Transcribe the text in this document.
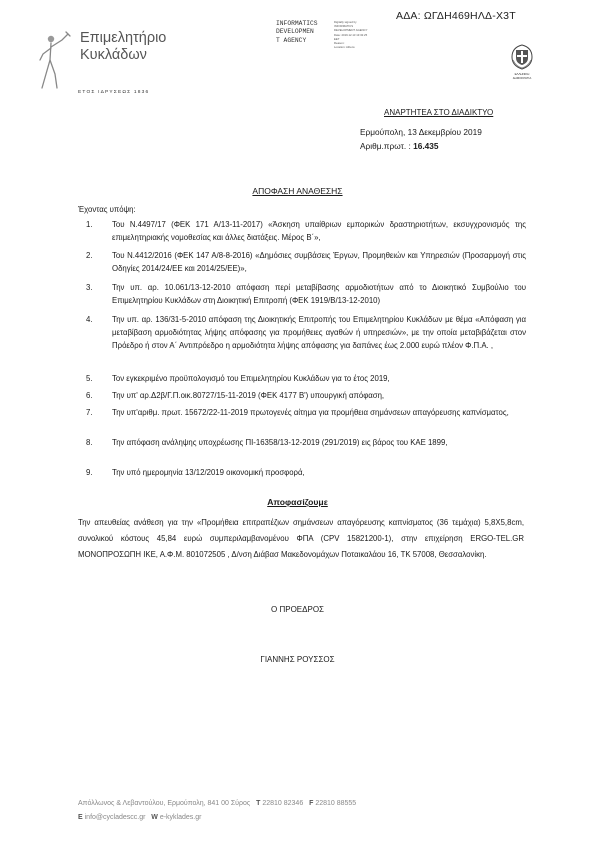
ΑΔΑ: ΩΓΔΗ469ΗΛΔ-Χ3Τ
Επιμελητήριο
Κυκλάδων
ΕΤΟΣ ΙΔΡΥΣΕΩΣ 1836
INFORMATICS
DEVELOPMEN
T AGENCY
Digitally signed by
INFORMATICS
DEVELOPMENT AGENCY
Date: 2019.12.13 13:32:25
EET
Reason:
Location: Athens
ΕΛΛΗΝΙΚΗ
ΔΗΜΟΚΡΑΤΙΑ
ΑΝΑΡΤΗΤΕΑ ΣΤΟ ΔΙΑΔΙΚΤΥΟ
Ερμούπολη, 13 Δεκεμβρίου 2019
Αριθμ.πρωτ. : 16.435
ΑΠΟΦΑΣΗ ΑΝΑΘΕΣΗΣ
Έχοντας υπόψη:
1.	Του Ν.4497/17 (ΦΕΚ 171 Α/13-11-2017) «Άσκηση υπαίθριων εμπορικών δραστηριοτήτων, εκσυγχρονισμός της επιμελητηριακής νομοθεσίας και άλλες διατάξεις. Μέρος Β΄»,
2.	Του Ν.4412/2016 (ΦΕΚ 147 Α/8-8-2016) «Δημόσιες συμβάσεις Έργων, Προμηθειών και Υπηρεσιών (Προσαρμογή στις Οδηγίες 2014/24/ΕΕ και 2014/25/ΕΕ)»,
3.	Την υπ. αρ. 10.061/13-12-2010 απόφαση περί μεταβίβασης αρμοδιοτήτων από το Διοικητικό Συμβούλιο του Επιμελητηρίου Κυκλάδων στη Διοικητική Επιτροπή (ΦΕΚ 1919/Β/13-12-2010)
4.	Την υπ. αρ. 136/31-5-2010 απόφαση της Διοικητικής Επιτροπής του Επιμελητηρίου Κυκλάδων με θέμα «Απόφαση για μεταβίβαση αρμοδιότητας λήψης απόφασης για προμήθειες αγαθών ή υπηρεσιών», με την οποία μεταβιβάζεται στον Πρόεδρο ή στον Α΄ Αντιπρόεδρο η αρμοδιότητα λήψης απόφασης για δαπάνες έως 2.000 ευρώ πλέον Φ.Π.Α. ,
5.	Τον εγκεκριμένο προϋπολογισμό του Επιμελητηρίου Κυκλάδων για το έτος 2019,
6.	Την υπ' αρ.Δ2β/Γ.Π.οικ.80727/15-11-2019 (ΦΕΚ 4177 Β') υπουργική απόφαση,
7.	Την υπ'αριθμ. πρωτ. 15672/22-11-2019 πρωτογενές αίτημα για προμήθεια σημάνσεων απαγόρευσης καπνίσματος,
8.	Την απόφαση ανάληψης υποχρέωσης ΠΙ-16358/13-12-2019 (291/2019) εις βάρος του ΚΑΕ 1899,
9.	Την υπό ημερομηνία 13/12/2019 οικονομική προσφορά,
Αποφασίζουμε
Την απευθείας ανάθεση για την «Προμήθεια επιτραπέζιων σημάνσεων απαγόρευσης καπνίσματος (36 τεμάχια) 5,8Χ5,8cm, συνολικού κόστους 45,84 ευρώ συμπεριλαμβανομένου ΦΠΑ (CPV 15821200-1), στην επιχείρηση ERGO-TEL.GR ΜΟΝΟΠΡΟΣΩΠΗ ΙΚΕ, Α.Φ.Μ. 801072505 , Δ/νση Διάβασ Μακεδονομάχων Ποταικαλάου 16, ΤΚ 57008, Θεσσαλονίκη.
Ο ΠΡΟΕΔΡΟΣ
ΓΙΑΝΝΗΣ ΡΟΥΣΣΟΣ
Απόλλωνος & Λεβαντούλου, Ερμούπολη, 841 00 Σύρος T 22810 82346 F 22810 88555
E info@cycladescc.gr W e-kyklades.gr
